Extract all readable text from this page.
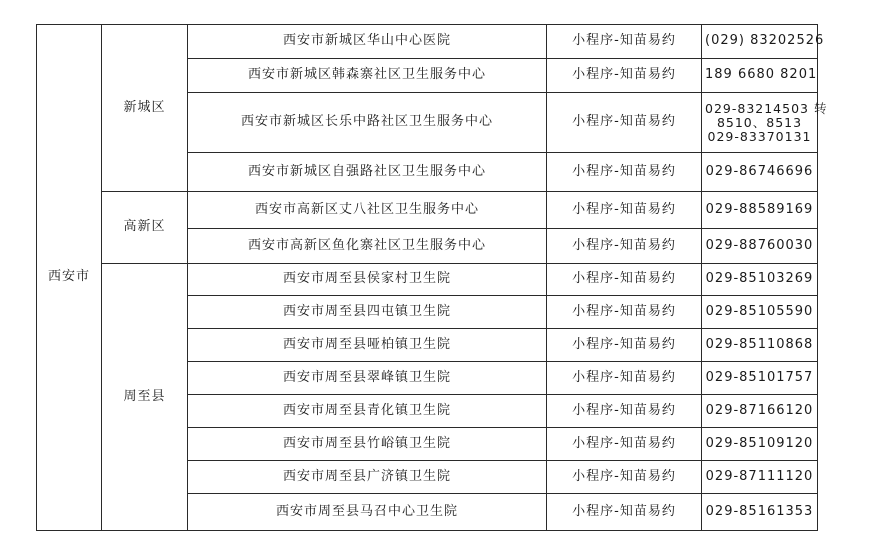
西安市	新城区	西安市新城区华山中心医院	小程序-知苗易约	(029) 83202526
		西安市新城区韩森寨社区卫生服务中心	小程序-知苗易约	189 6680 8201
		西安市新城区长乐中路社区卫生服务中心	小程序-知苗易约	029-83214503 转
8510、8513
029-83370131

		西安市新城区自强路社区卫生服务中心	小程序-知苗易约	029-86746696
	高新区	西安市高新区丈八社区卫生服务中心	小程序-知苗易约	029-88589169
		西安市高新区鱼化寨社区卫生服务中心	小程序-知苗易约	029-88760030
	周至县	西安市周至县侯家村卫生院	小程序-知苗易约	029-85103269
		西安市周至县四屯镇卫生院	小程序-知苗易约	029-85105590
		西安市周至县哑柏镇卫生院	小程序-知苗易约	029-85110868
		西安市周至县翠峰镇卫生院	小程序-知苗易约	029-85101757
		西安市周至县青化镇卫生院	小程序-知苗易约	029-87166120
		西安市周至县竹峪镇卫生院	小程序-知苗易约	029-85109120
		西安市周至县广济镇卫生院	小程序-知苗易约	029-87111120
		西安市周至县马召中心卫生院	小程序-知苗易约	029-85161353
